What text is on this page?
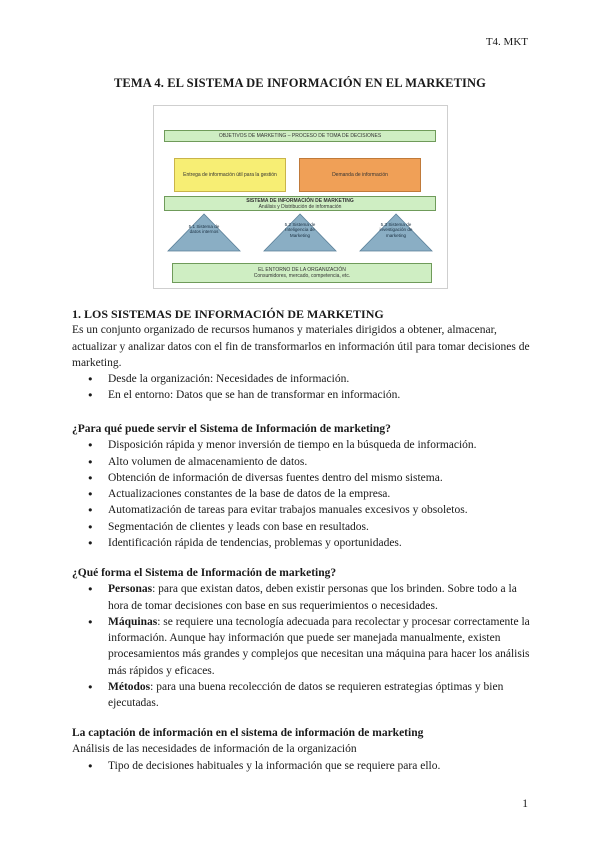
T4. MKT
TEMA 4. EL SISTEMA DE INFORMACIÓN EN EL MARKETING
OBJETIVOS DE MARKETING – PROCESO DE TOMA DE DECISIONES
Entrega de información útil para la gestión	Demanda de información
SISTEMA DE INFORMACIÓN DE MARKETING
Análisis y Distribución de información
5.1 Sistema de datos internos
5.2 Sistema de Inteligencia de Marketing
5.3 Sistema de investigación de marketing
EL ENTORNO DE LA ORGANIZACIÓN
Consumidores, mercado, competencia, etc.
1. LOS SISTEMAS DE INFORMACIÓN DE MARKETING
Es un conjunto organizado de recursos humanos y materiales dirigidos a obtener, almacenar, actualizar y analizar datos con el fin de transformarlos en información útil para tomar decisiones de marketing.
● Desde la organización: Necesidades de información.
● En el entorno: Datos que se han de transformar en información.
¿Para qué puede servir el Sistema de Información de marketing?
● Disposición rápida y menor inversión de tiempo en la búsqueda de información.
● Alto volumen de almacenamiento de datos.
● Obtención de información de diversas fuentes dentro del mismo sistema.
● Actualizaciones constantes de la base de datos de la empresa.
● Automatización de tareas para evitar trabajos manuales excesivos y obsoletos.
● Segmentación de clientes y leads con base en resultados.
● Identificación rápida de tendencias, problemas y oportunidades.
¿Qué forma el Sistema de Información de marketing?
● Personas: para que existan datos, deben existir personas que los brinden. Sobre todo a la hora de tomar decisiones con base en sus requerimientos o necesidades.
● Máquinas: se requiere una tecnología adecuada para recolectar y procesar correctamente la información. Aunque hay información que puede ser manejada manualmente, existen procesamientos más grandes y complejos que necesitan una máquina para hacer los análisis más rápidos y eficaces.
● Métodos: para una buena recolección de datos se requieren estrategias óptimas y bien ejecutadas.
La captación de información en el sistema de información de marketing
Análisis de las necesidades de información de la organización
● Tipo de decisiones habituales y la información que se requiere para ello.
1
